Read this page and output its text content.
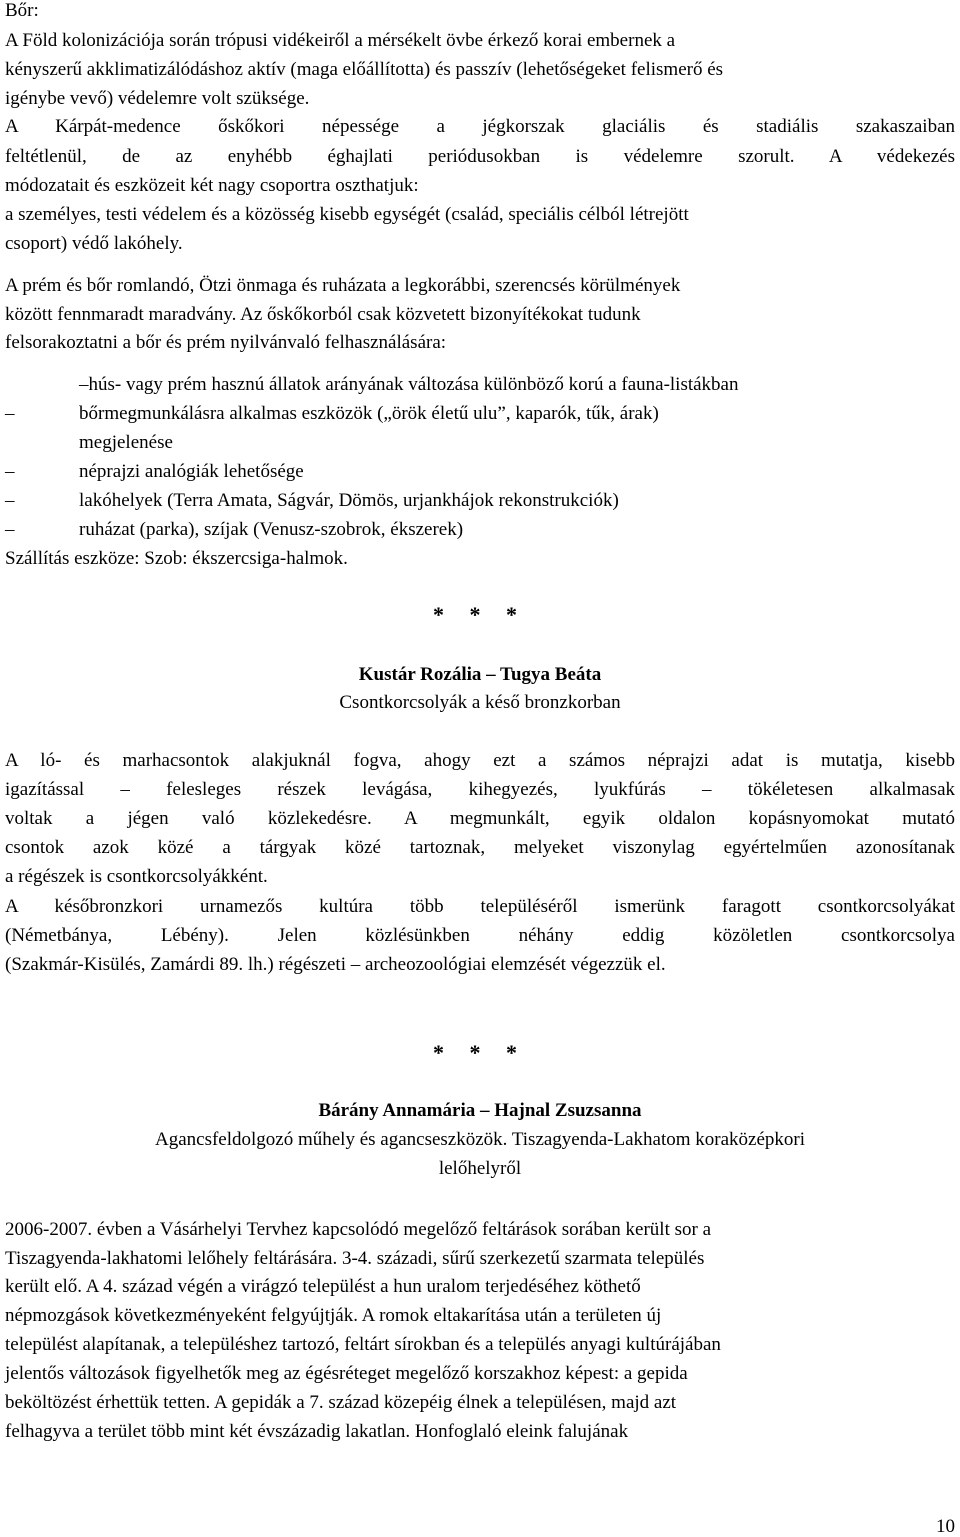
Bőr:
A Föld kolonizációja során trópusi vidékeiről a mérsékelt övbe érkező korai embernek a
kényszerű akklimatizálódáshoz aktív (maga előállította) és passzív (lehetőségeket felismerő és
igénybe vevő) védelemre volt szüksége.
A Kárpát-medence őskőkori népessége a jégkorszak glaciális és stadiális szakaszaiban
feltétlenül, de az enyhébb éghajlati periódusokban is védelemre szorult. A védekezés
módozatait és eszközeit két nagy csoportra oszthatjuk:
a személyes, testi védelem és a közösség kisebb egységét (család, speciális célból létrejött
csoport) védő lakóhely.
A prém és bőr romlandó, Ötzi önmaga és ruházata a legkorábbi, szerencsés körülmények
között fennmaradt maradvány. Az őskőkorból csak közvetett bizonyítékokat tudunk
felsorakoztatni a bőr és prém nyilvánvaló felhasználására:
–hús- vagy prém hasznú állatok arányának változása különböző korú a fauna-listákban
–	bőrmegmunkálásra alkalmas eszközök („örök életű ulu”, kaparók, tűk, árak)
megjelenése
–	néprajzi analógiák lehetősége
–	lakóhelyek (Terra Amata, Ságvár, Dömös, urjankhájok rekonstrukciók)
–	ruházat (parka), szíjak (Venusz-szobrok, ékszerek)
Szállítás eszköze: Szob: ékszercsiga-halmok.
* * *
Kustár Rozália – Tugya Beáta
Csontkorcsolyák a késő bronzkorban
A ló- és marhacsontok alakjuknál fogva, ahogy ezt a számos néprajzi adat is mutatja, kisebb
igazítással – felesleges részek levágása, kihegyezés, lyukfúrás – tökéletesen alkalmasak
voltak a jégen való közlekedésre. A megmunkált, egyik oldalon kopásnyomokat mutató
csontok azok közé a tárgyak közé tartoznak, melyeket viszonylag egyértelműen azonosítanak
a régészek is csontkorcsolyákként.
A későbronzkori urnamezős kultúra több településéről ismerünk faragott csontkorcsolyákat
(Németbánya, Lébény). Jelen közlésünkben néhány eddig közöletlen csontkorcsolya
(Szakmár-Kisülés, Zamárdi 89. lh.) régészeti – archeozoológiai elemzését végezzük el.
* * *
Bárány Annamária – Hajnal Zsuzsanna
Agancsfeldolgozó műhely és agancseszközök. Tiszagyenda-Lakhatom koraközépkori
lelőhelyről
2006-2007. évben a Vásárhelyi Tervhez kapcsolódó megelőző feltárások sorában került sor a
Tiszagyenda-lakhatomi lelőhely feltárására. 3-4. századi, sűrű szerkezetű szarmata település
került elő. A 4. század végén a virágzó települést a hun uralom terjedéséhez köthető
népmozgások következményeként felgyújtják. A romok eltakarítása után a területen új
települést alapítanak, a településhez tartozó, feltárt sírokban és a település anyagi kultúrájában
jelentős változások figyelhetők meg az égésréteget megelőző korszakhoz képest: a gepida
beköltözést érhettük tetten. A gepidák a 7. század közepéig élnek a településen, majd azt
felhagyva a terület több mint két évszázadig lakatlan. Honfoglaló eleink falujának
10
